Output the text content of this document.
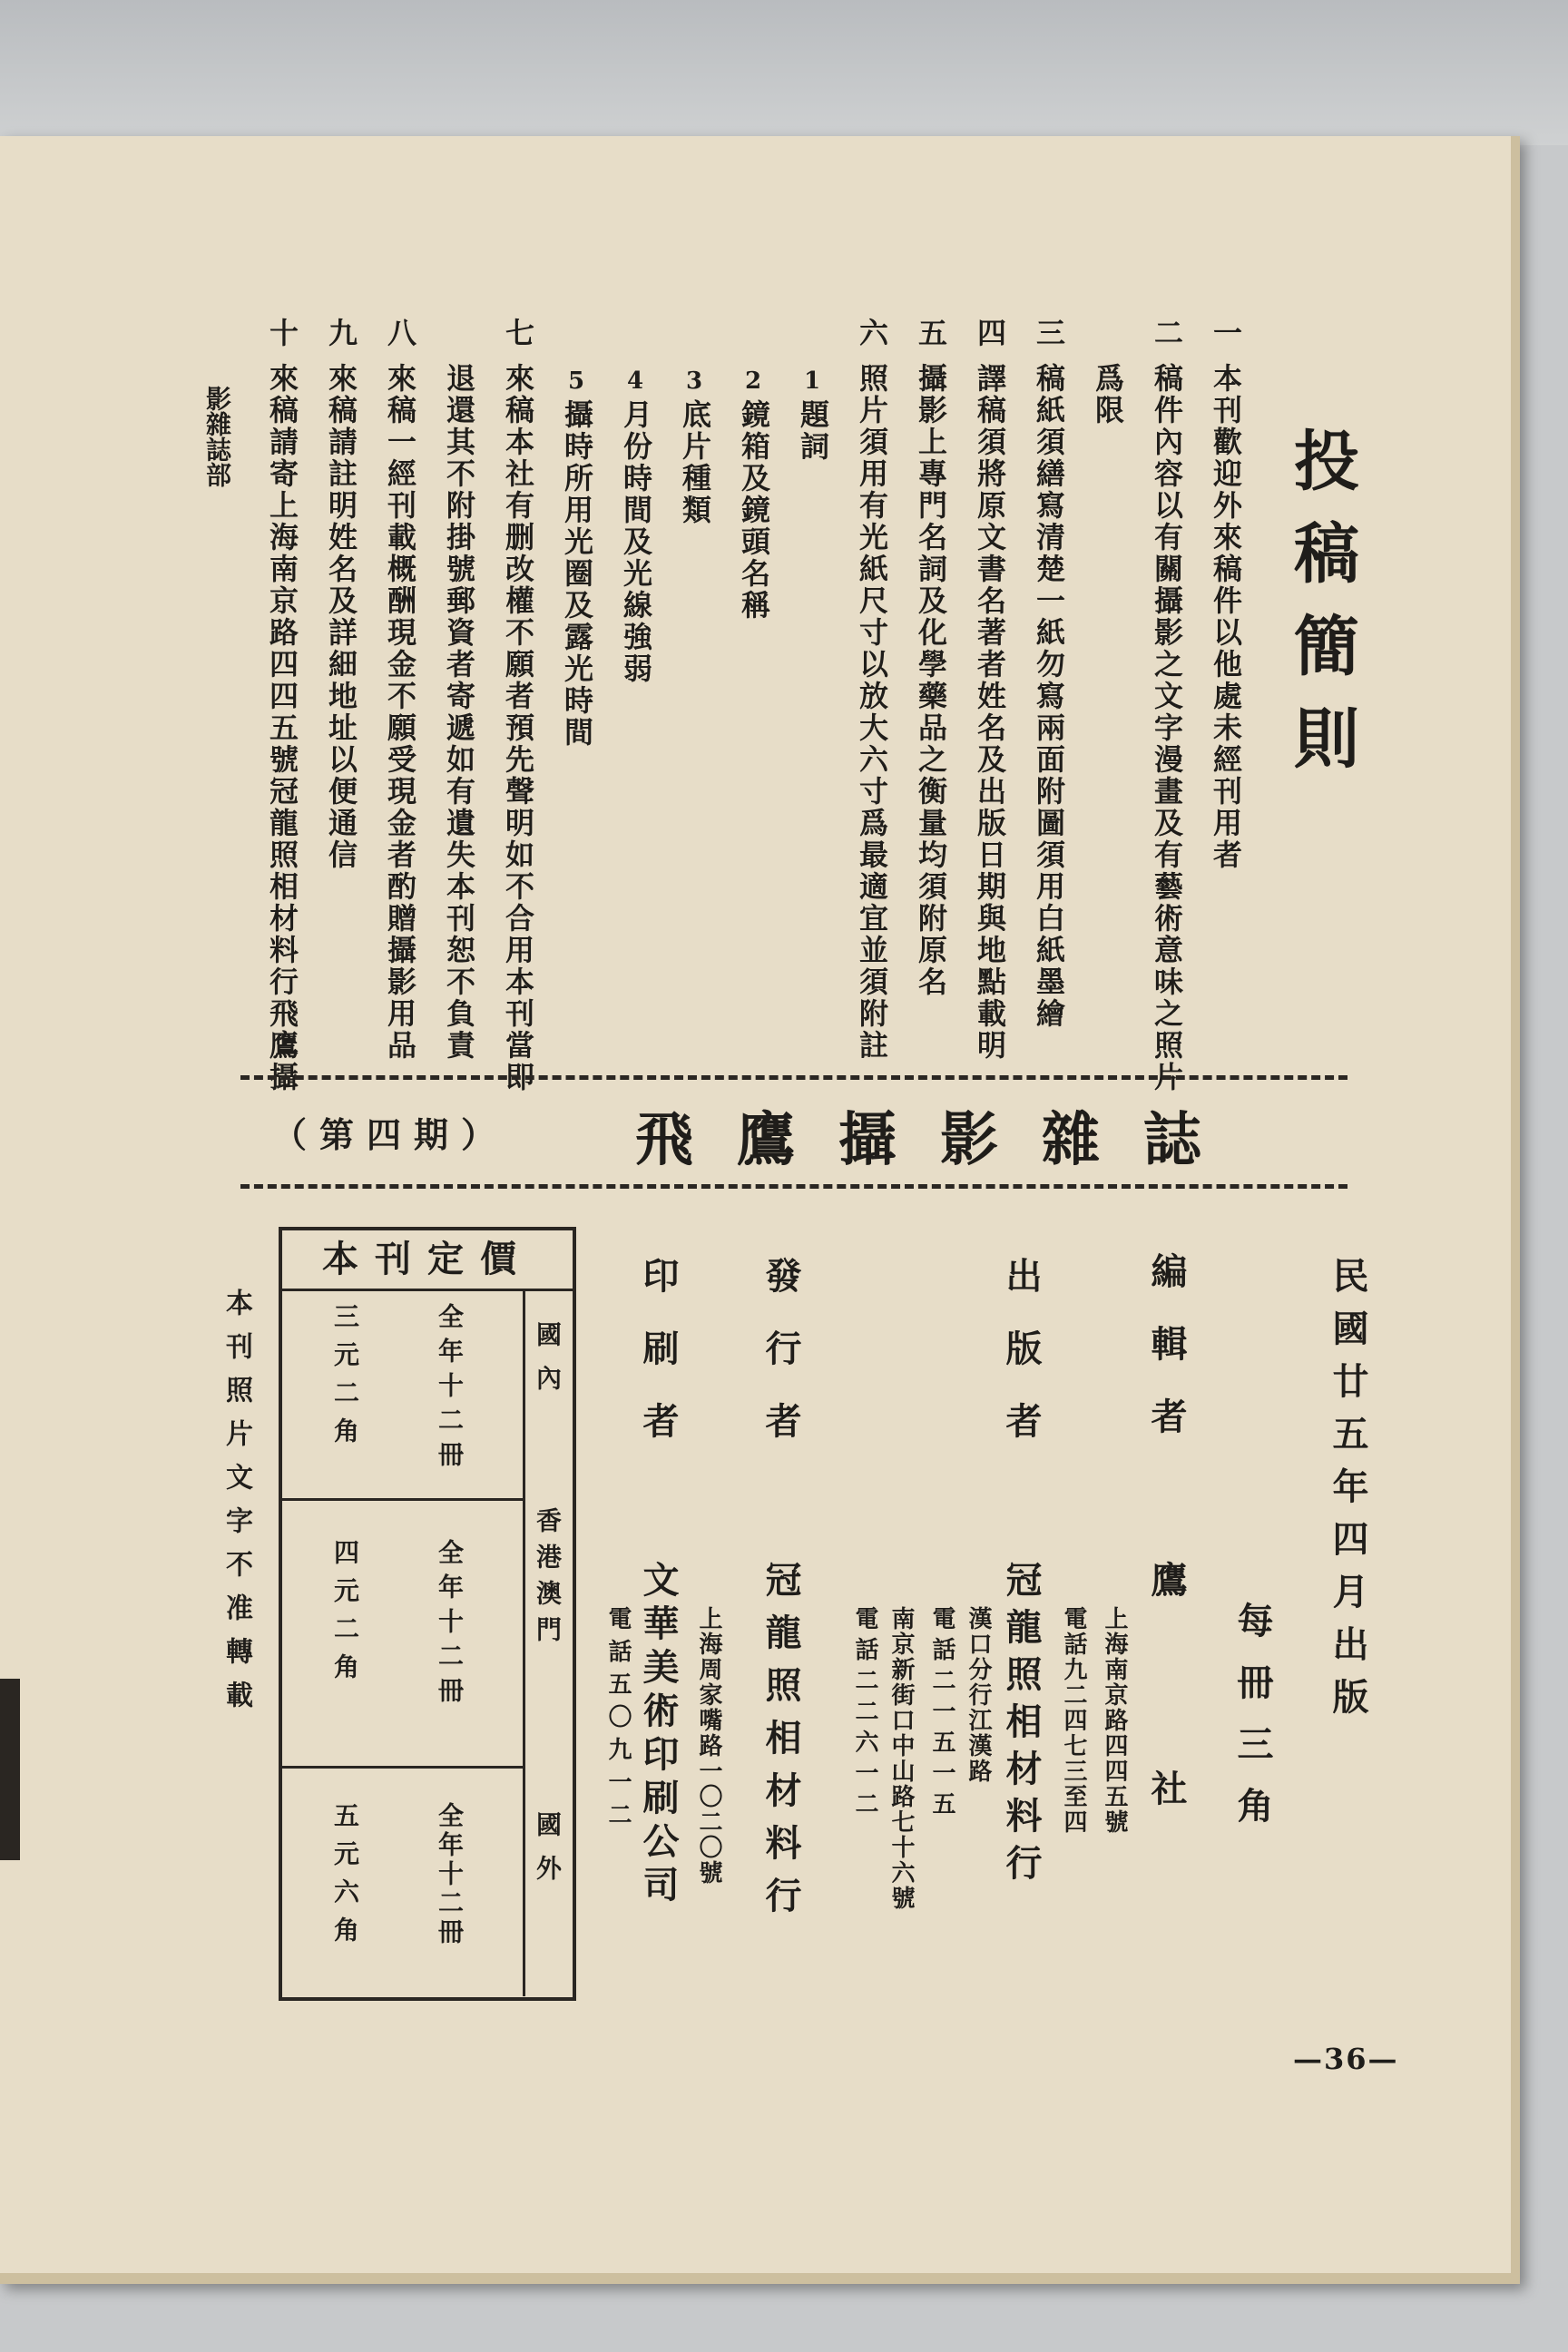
投稿簡則
一
本刊歡迎外來稿件以他處未經刊用者
二
稿件內容以有關攝影之文字漫畫及有藝術意味之照片
爲限
三
稿紙須繕寫清楚一紙勿寫兩面附圖須用白紙墨繪
四
譯稿須將原文書名著者姓名及出版日期與地點載明
五
攝影上專門名詞及化學藥品之衡量均須附原名
六
照片須用有光紙尺寸以放大六寸爲最適宜並須附註
1
題詞
2
鏡箱及鏡頭名稱
3
底片種類
4
月份時間及光線強弱
5
攝時所用光圈及露光時間
七
來稿本社有删改權不願者預先聲明如不合用本刊當即
退還其不附掛號郵資者寄遞如有遺失本刊恕不負責
八
來稿一經刊載概酬現金不願受現金者酌贈攝影用品
九
來稿請註明姓名及詳細地址以便通信
十
來稿請寄上海南京路四四五號冠龍照相材料行飛鷹攝
影雜誌部
飛鷹攝影雜誌
（第四期）
民國廿五年四月出版
每冊三角
編輯者
鷹社
上海南京路四四五號
電話九二四七三至四
出版者
冠龍照相材料行
漢口分行江漢路
電話二一五一五
南京新街口中山路七十六號
電話二二六一二
發行者
冠龍照相材料行
印刷者
文華美術印刷公司 上海周家嘴路一〇二〇號
電話五〇九一二
本刊定價
國內
香港澳門
國外
全年十二冊
三元二角
全年十二冊
四元二角
全年十二冊
五元六角
本刊照片文字不准轉載
—36—
